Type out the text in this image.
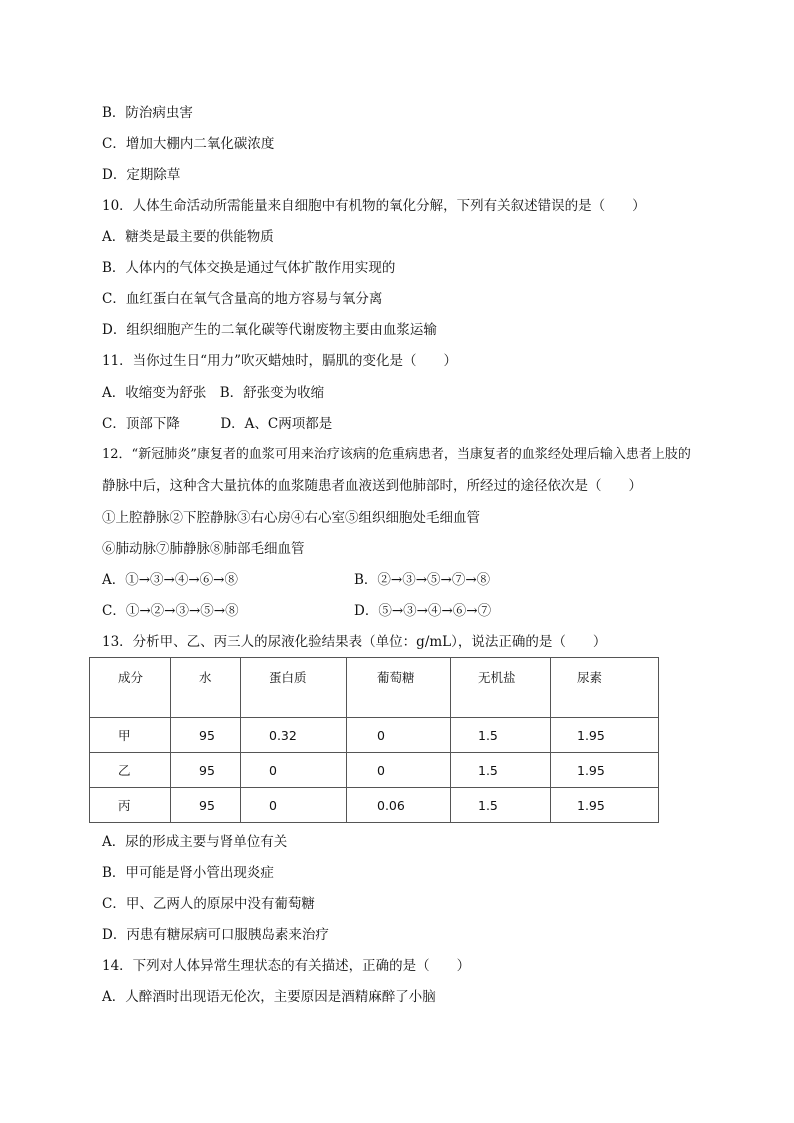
B．防治病虫害
C．增加大棚内二氧化碳浓度
D．定期除草
10．人体生命活动所需能量来自细胞中有机物的氧化分解，下列有关叙述错误的是（　　）
A．糖类是最主要的供能物质
B．人体内的气体交换是通过气体扩散作用实现的
C．血红蛋白在氧气含量高的地方容易与氧分离
D．组织细胞产生的二氧化碳等代谢废物主要由血浆运输
11．当你过生日“用力”吹灭蜡烛时，膈肌的变化是（　　）
A．收缩变为舒张　B．舒张变为收缩
C．顶部下降　　　D．A、C两项都是
12．“新冠肺炎”康复者的血浆可用来治疗该病的危重病患者，当康复者的血浆经处理后输入患者上肢的
静脉中后，这种含大量抗体的血浆随患者血液送到他肺部时，所经过的途径依次是（　　）
①上腔静脉②下腔静脉③右心房④右心室⑤组织细胞处毛细血管
⑥肺动脉⑦肺静脉⑧肺部毛细血管
A．①→③→④→⑥→⑧	B．②→③→⑤→⑦→⑧
C．①→②→③→⑤→⑧	D．⑤→③→④→⑥→⑦
13．分析甲、乙、丙三人的尿液化验结果表（单位：g/mL），说法正确的是（　　）
成分	水	蛋白质	葡萄糖	无机盐	尿素
甲	95	0.32	0	1.5	1.95
乙	95	0	0	1.5	1.95
丙	95	0	0.06	1.5	1.95
A．尿的形成主要与肾单位有关
B．甲可能是肾小管出现炎症
C．甲、乙两人的原尿中没有葡萄糖
D．丙患有糖尿病可口服胰岛素来治疗
14．下列对人体异常生理状态的有关描述，正确的是（　　）
A．人醉酒时出现语无伦次，主要原因是酒精麻醉了小脑
